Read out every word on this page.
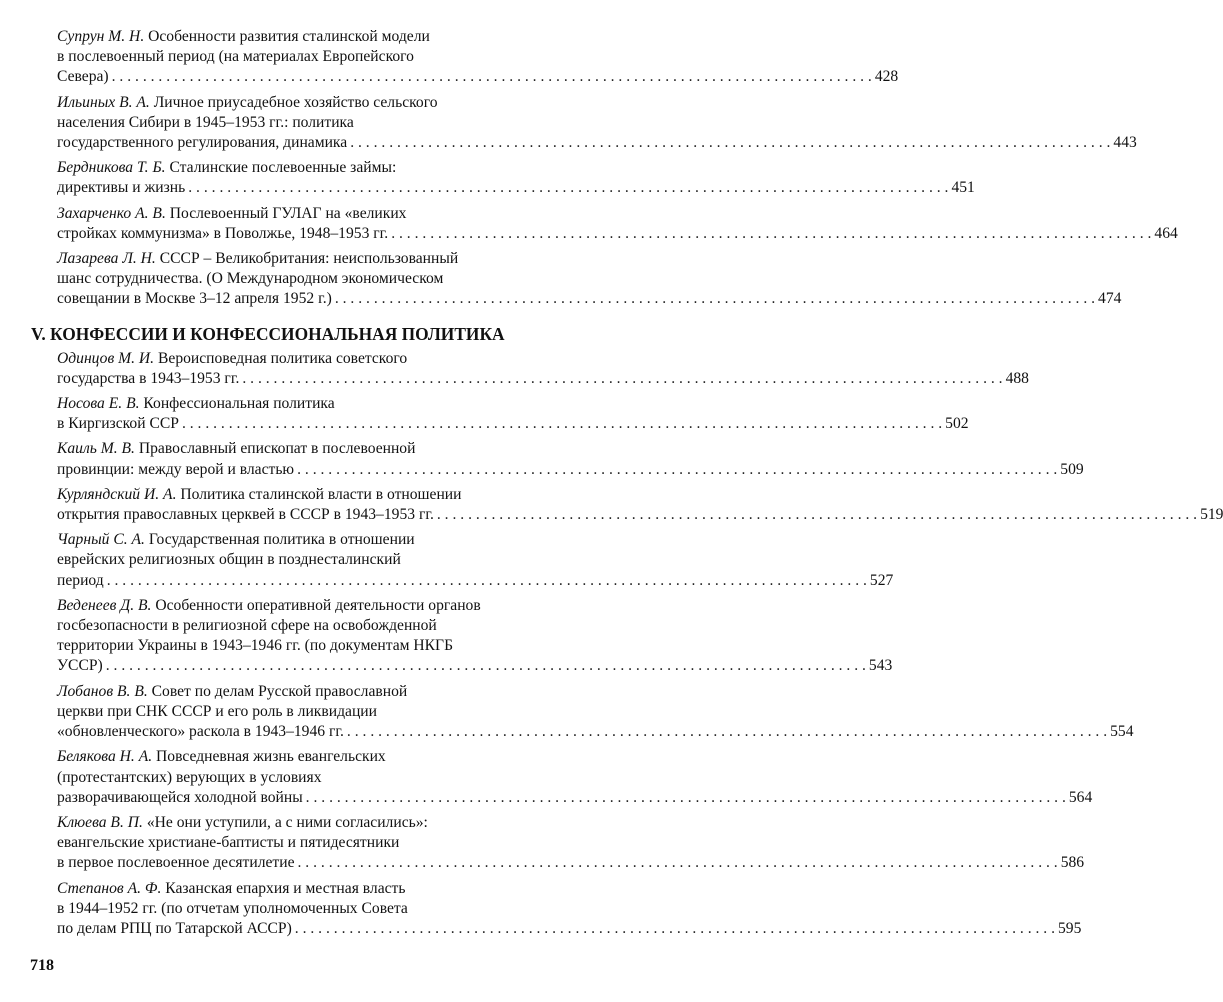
Супрун М. Н. Особенности развития сталинской модели
в послевоенный период (на материалах Европейского
Севера) . . .	428
Ильиных В. А. Личное приусадебное хозяйство сельского
населения Сибири в 1945–1953 гг.: политика
государственного регулирования, динамика . . .	443
Бердникова Т. Б. Сталинские послевоенные займы:
директивы и жизнь . . .	451
Захарченко А. В. Послевоенный ГУЛАГ на «великих
стройках коммунизма» в Поволжье, 1948–1953 гг. . . .	464
Лазарева Л. Н. СССР – Великобритания: неиспользованный
шанс сотрудничества. (О Международном экономическом
совещании в Москве 3–12 апреля 1952 г.) . . .	474
V. КОНФЕССИИ И КОНФЕССИОНАЛЬНАЯ ПОЛИТИКА
Одинцов М. И. Вероисповедная политика советского
государства в 1943–1953 гг. . . .	488
Носова Е. В. Конфессиональная политика
в Киргизской ССР . . .	502
Каиль М. В. Православный епископат в послевоенной
провинции: между верой и властью . . .	509
Курляндский И. А. Политика сталинской власти в отношении
открытия православных церквей в СССР в 1943–1953 гг. . . .	519
Чарный С. А. Государственная политика в отношении
еврейских религиозных общин в позднесталинский
период . . .	527
Веденеев Д. В. Особенности оперативной деятельности органов
госбезопасности в религиозной сфере на освобожденной
территории Украины в 1943–1946 гг. (по документам НКГБ
УССР) . . .	543
Лобанов В. В. Совет по делам Русской православной
церкви при СНК СССР и его роль в ликвидации
«обновленческого» раскола в 1943–1946 гг. . . .	554
Белякова Н. А. Повседневная жизнь евангельских
(протестантских) верующих в условиях
разворачивающейся холодной войны . . .	564
Клюева В. П. «Не они уступили, а с ними согласились»:
евангельские христиане-баптисты и пятидесятники
в первое послевоенное десятилетие . . .	586
Степанов А. Ф. Казанская епархия и местная власть
в 1944–1952 гг. (по отчетам уполномоченных Совета
по делам РПЦ по Татарской АССР) . . .	595
718
